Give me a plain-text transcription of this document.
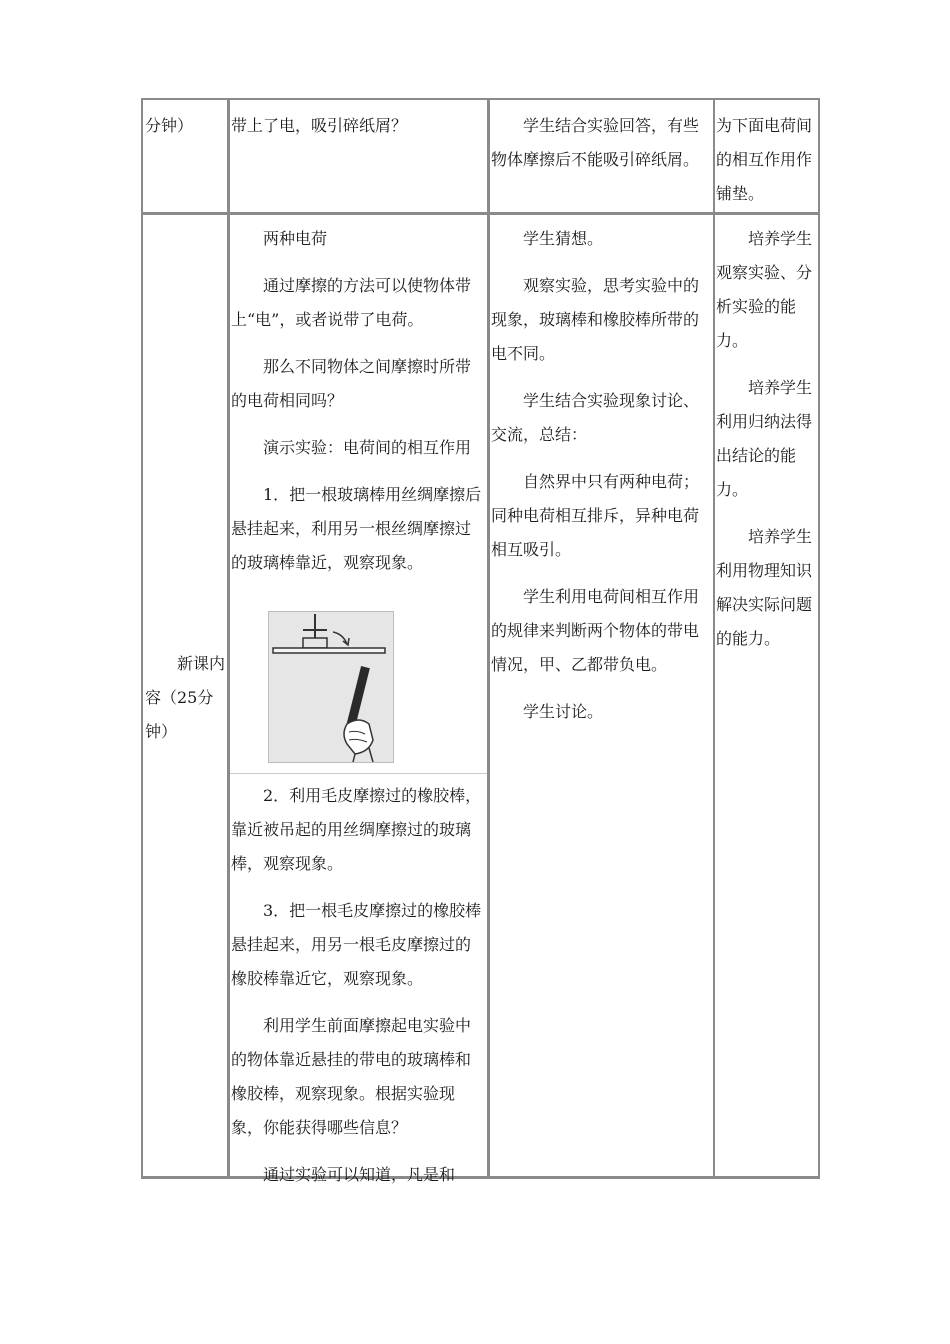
分钟）	带上了电，吸引碎纸屑？	学生结合实验回答，有些物体摩擦后不能吸引碎纸屑。

为下面电荷间的相互作用作铺垫。

新课内容（25分钟）

两种电荷

通过摩擦的方法可以使物体带上“电”，或者说带了电荷。

那么不同物体之间摩擦时所带的电荷相同吗？

演示实验：电荷间的相互作用

1．把一根玻璃棒用丝绸摩擦后悬挂起来，利用另一根丝绸摩擦过的玻璃棒靠近，观察现象。

2．利用毛皮摩擦过的橡胶棒，靠近被吊起的用丝绸摩擦过的玻璃棒，观察现象。

3．把一根毛皮摩擦过的橡胶棒悬挂起来，用另一根毛皮摩擦过的橡胶棒靠近它，观察现象。

利用学生前面摩擦起电实验中的物体靠近悬挂的带电的玻璃棒和橡胶棒，观察现象。根据实验现象，你能获得哪些信息？

通过实验可以知道，凡是和

学生猜想。

观察实验，思考实验中的现象，玻璃棒和橡胶棒所带的电不同。

学生结合实验现象讨论、交流，总结：

自然界中只有两种电荷；同种电荷相互排斥，异种电荷相互吸引。

学生利用电荷间相互作用的规律来判断两个物体的带电情况，甲、乙都带负电。

学生讨论。

培养学生观察实验、分析实验的能力。

培养学生利用归纳法得出结论的能力。

培养学生利用物理知识解决实际问题的能力。
